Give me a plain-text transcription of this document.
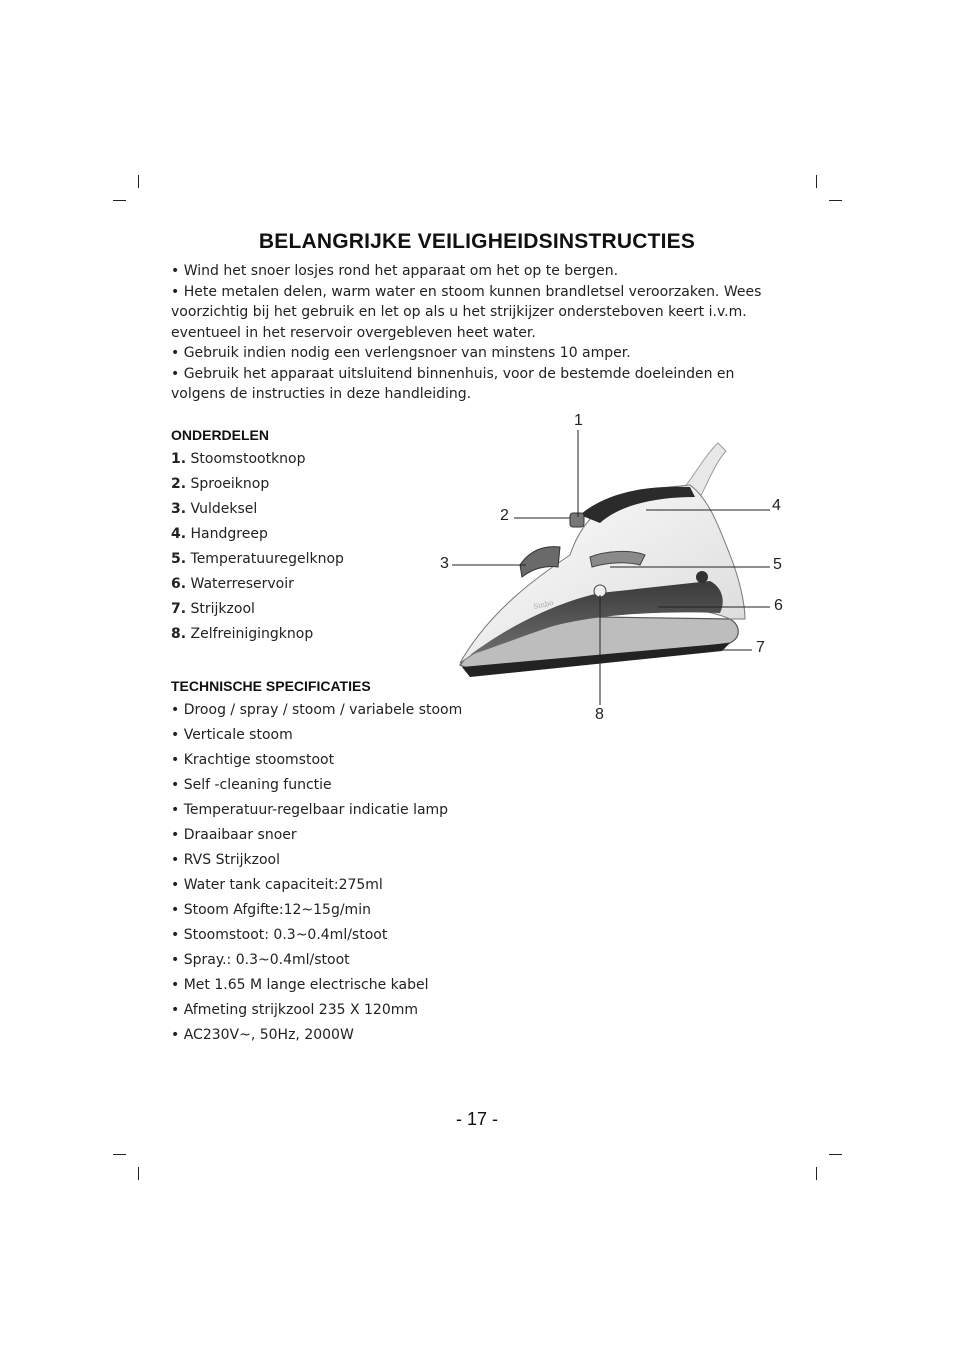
BELANGRIJKE VEILIGHEIDSINSTRUCTIES

• Wind het snoer losjes rond het apparaat om het op te bergen.

• Hete metalen delen, warm water en stoom kunnen brandletsel veroorzaken. Wees voorzichtig bij het gebruik en let op als u het strijkijzer ondersteboven keert i.v.m. eventueel in het reservoir overgebleven heet water.

• Gebruik indien nodig een verlengsnoer van minstens 10 amper.

• Gebruik het apparaat uitsluitend binnenhuis, voor de bestemde doeleinden en volgens de instructies in deze handleiding.

ONDERDELEN
1. Stoomstootknop
2. Sproeiknop
3. Vuldeksel
4. Handgreep
5. Temperatuuregelknop
6. Waterreservoir
7. Strijkzool
8. Zelfreinigingknop
TECHNISCHE SPECIFICATIES
• Droog / spray / stoom / variabele stoom
• Verticale stoom
• Krachtige stoomstoot
• Self -cleaning functie
• Temperatuur-regelbaar indicatie lamp
• Draaibaar snoer
• RVS Strijkzool
• Water tank capaciteit:275ml
• Stoom Afgifte:12~15g/min
• Stoomstoot: 0.3~0.4ml/stoot
• Spray.: 0.3~0.4ml/stoot
• Met 1.65 M lange electrische kabel
• Afmeting strijkzool 235 X 120mm
• AC230V~, 50Hz, 2000W
Sinbo
1
2
3
4
5
6
7
8
- 17 -
